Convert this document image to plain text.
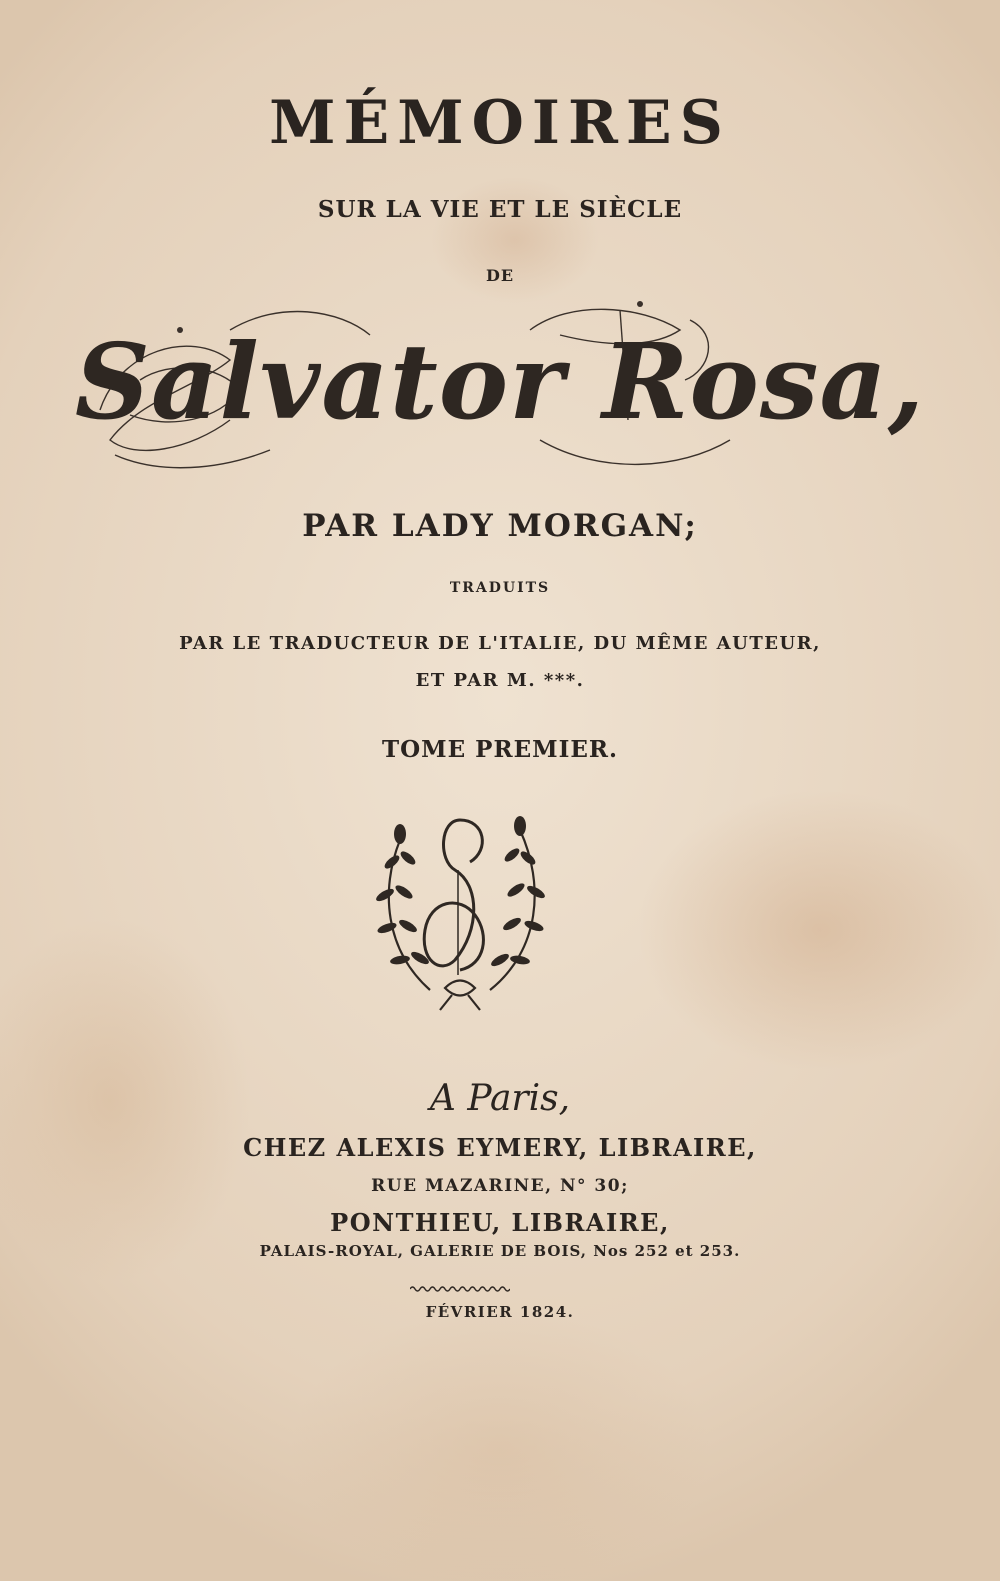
MÉMOIRES

SUR LA VIE ET LE SIÈCLE

DE

Salvator Rosa,

PAR LADY MORGAN;

TRADUITS

PAR LE TRADUCTEUR DE L'ITALIE, DU MÊME AUTEUR,

ET PAR M. ***.

TOME PREMIER.

A Paris,

CHEZ ALEXIS EYMERY, LIBRAIRE,

RUE MAZARINE, N° 30;

PONTHIEU, LIBRAIRE,

PALAIS-ROYAL, GALERIE DE BOIS, Nos 252 et 253.

FÉVRIER 1824.
